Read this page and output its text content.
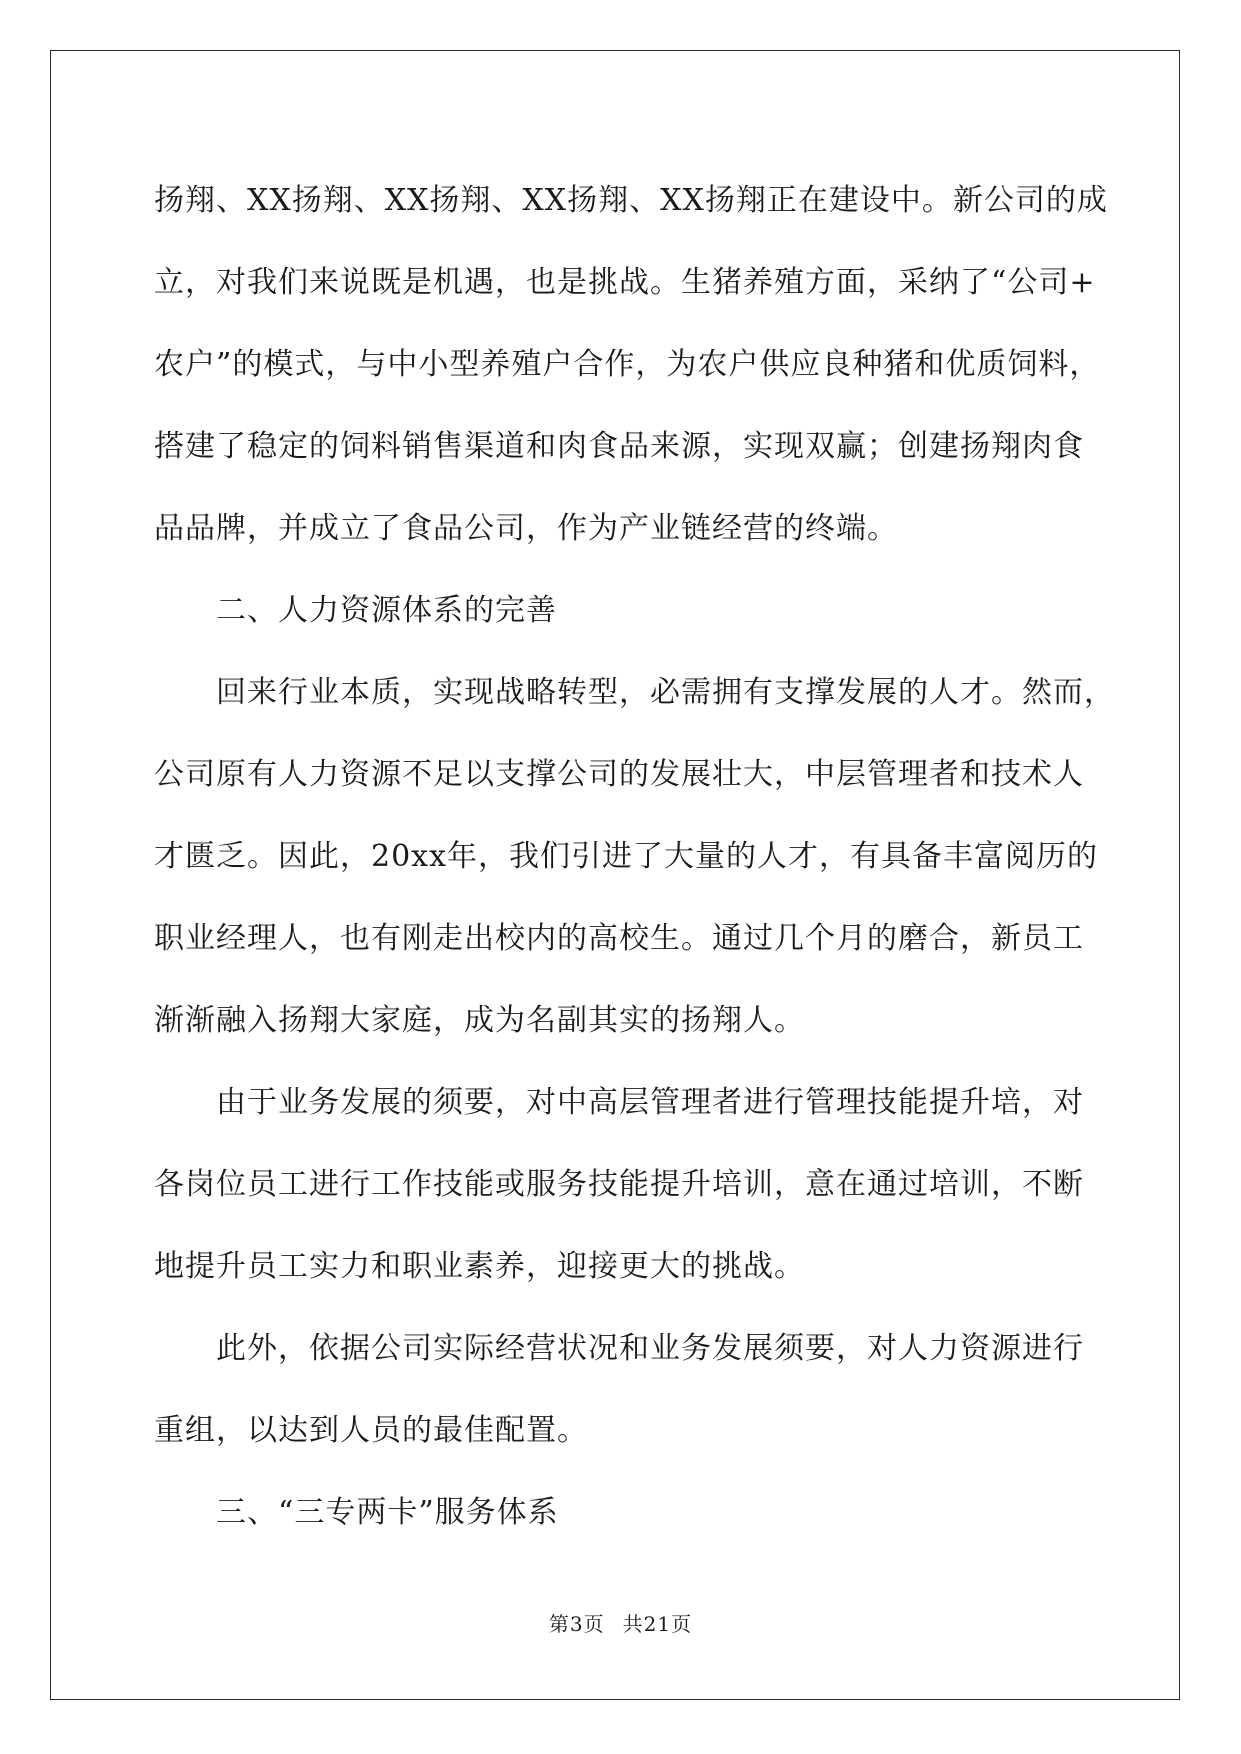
扬翔、XX扬翔、XX扬翔、XX扬翔、XX扬翔正在建设中。新公司的成
立，对我们来说既是机遇，也是挑战。生猪养殖方面，采纳了“公司+
农户”的模式，与中小型养殖户合作，为农户供应良种猪和优质饲料，
搭建了稳定的饲料销售渠道和肉食品来源，实现双赢；创建扬翔肉食
品品牌，并成立了食品公司，作为产业链经营的终端。
二、人力资源体系的完善
回来行业本质，实现战略转型，必需拥有支撑发展的人才。然而，
公司原有人力资源不足以支撑公司的发展壮大，中层管理者和技术人
才匮乏。因此，20xx年，我们引进了大量的人才，有具备丰富阅历的
职业经理人，也有刚走出校内的高校生。通过几个月的磨合，新员工
渐渐融入扬翔大家庭，成为名副其实的扬翔人。
由于业务发展的须要，对中高层管理者进行管理技能提升培，对
各岗位员工进行工作技能或服务技能提升培训，意在通过培训，不断
地提升员工实力和职业素养，迎接更大的挑战。
此外，依据公司实际经营状况和业务发展须要，对人力资源进行
重组，以达到人员的最佳配置。
三、“三专两卡”服务体系
第3页 共21页
